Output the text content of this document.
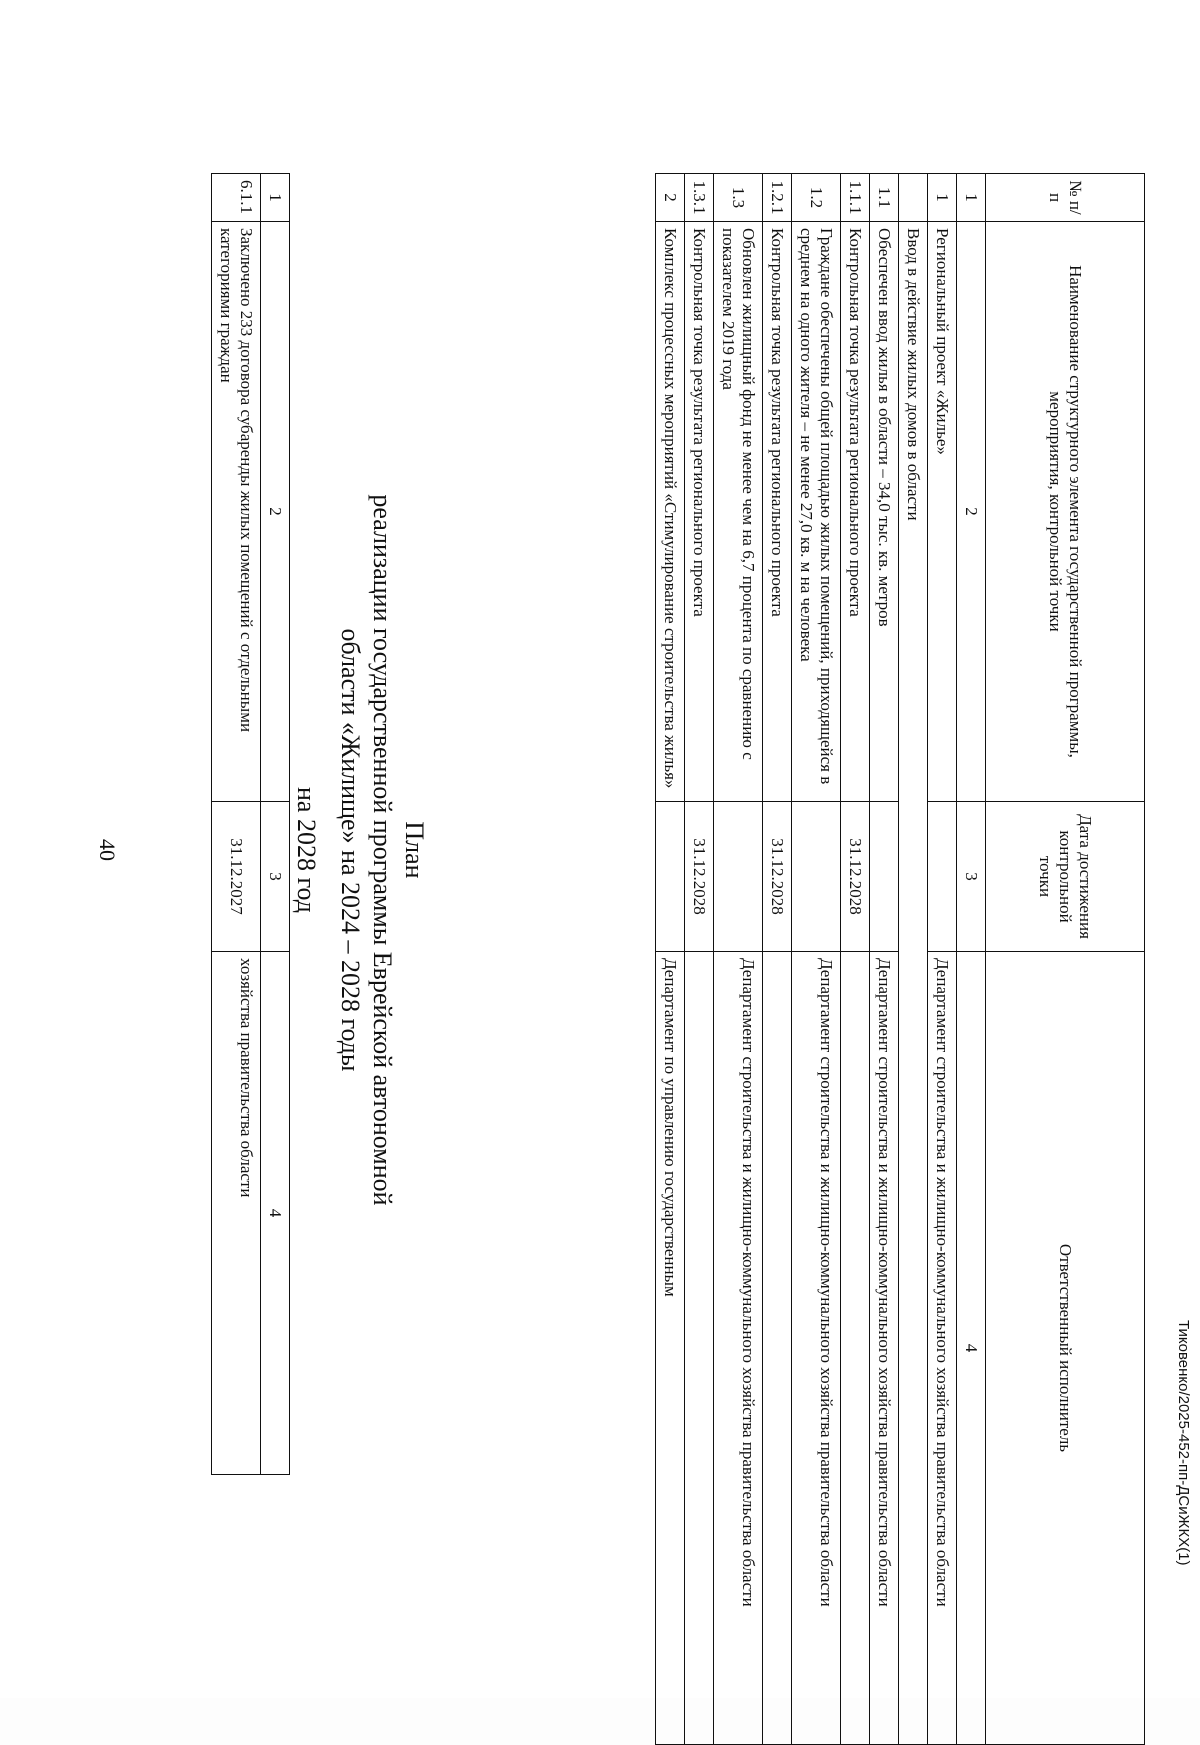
Тиковенко/2025-452-пп-ДСиЖКХ(1)
40
1	2	3	4
6.1.1	Заключено 233 договора субаренды жилых помещений с отдельными категориями граждан	31.12.2027	хозяйства правительства области
План
реализации государственной программы Еврейской автономной
области «Жилище» на 2024 – 2028 годы
на 2028 год
№ п/п	Наименование структурного элемента государственной программы, мероприятия, контрольной точки	Дата достижения контрольной точки	Ответственный исполнитель
1	2	3	4
1	Региональный проект «Жилье»		Департамент строительства и жилищно-коммунального хозяйства правительства области
	Ввод в действие жилых домов в области		
1.1	Обеспечен ввод жилья в области – 34,0 тыс. кв. метров		Департамент строительства и жилищно-коммунального хозяйства правительства области
1.1.1	Контрольная точка результата регионального проекта	31.12.2028	
1.2	Граждане обеспечены общей площадью жилых помещений, приходящейся в среднем на одного жителя – не менее 27,0 кв. м на человека		Департамент строительства и жилищно-коммунального хозяйства правительства области
1.2.1	Контрольная точка результата регионального проекта	31.12.2028	
1.3	Обновлен жилищный фонд не менее чем на 6,7 процента по сравнению с показателем 2019 года		Департамент строительства и жилищно-коммунального хозяйства правительства области
1.3.1	Контрольная точка результата регионального проекта	31.12.2028	
2	Комплекс процессных мероприятий «Стимулирование строительства жилья»		Департамент по управлению государственным
